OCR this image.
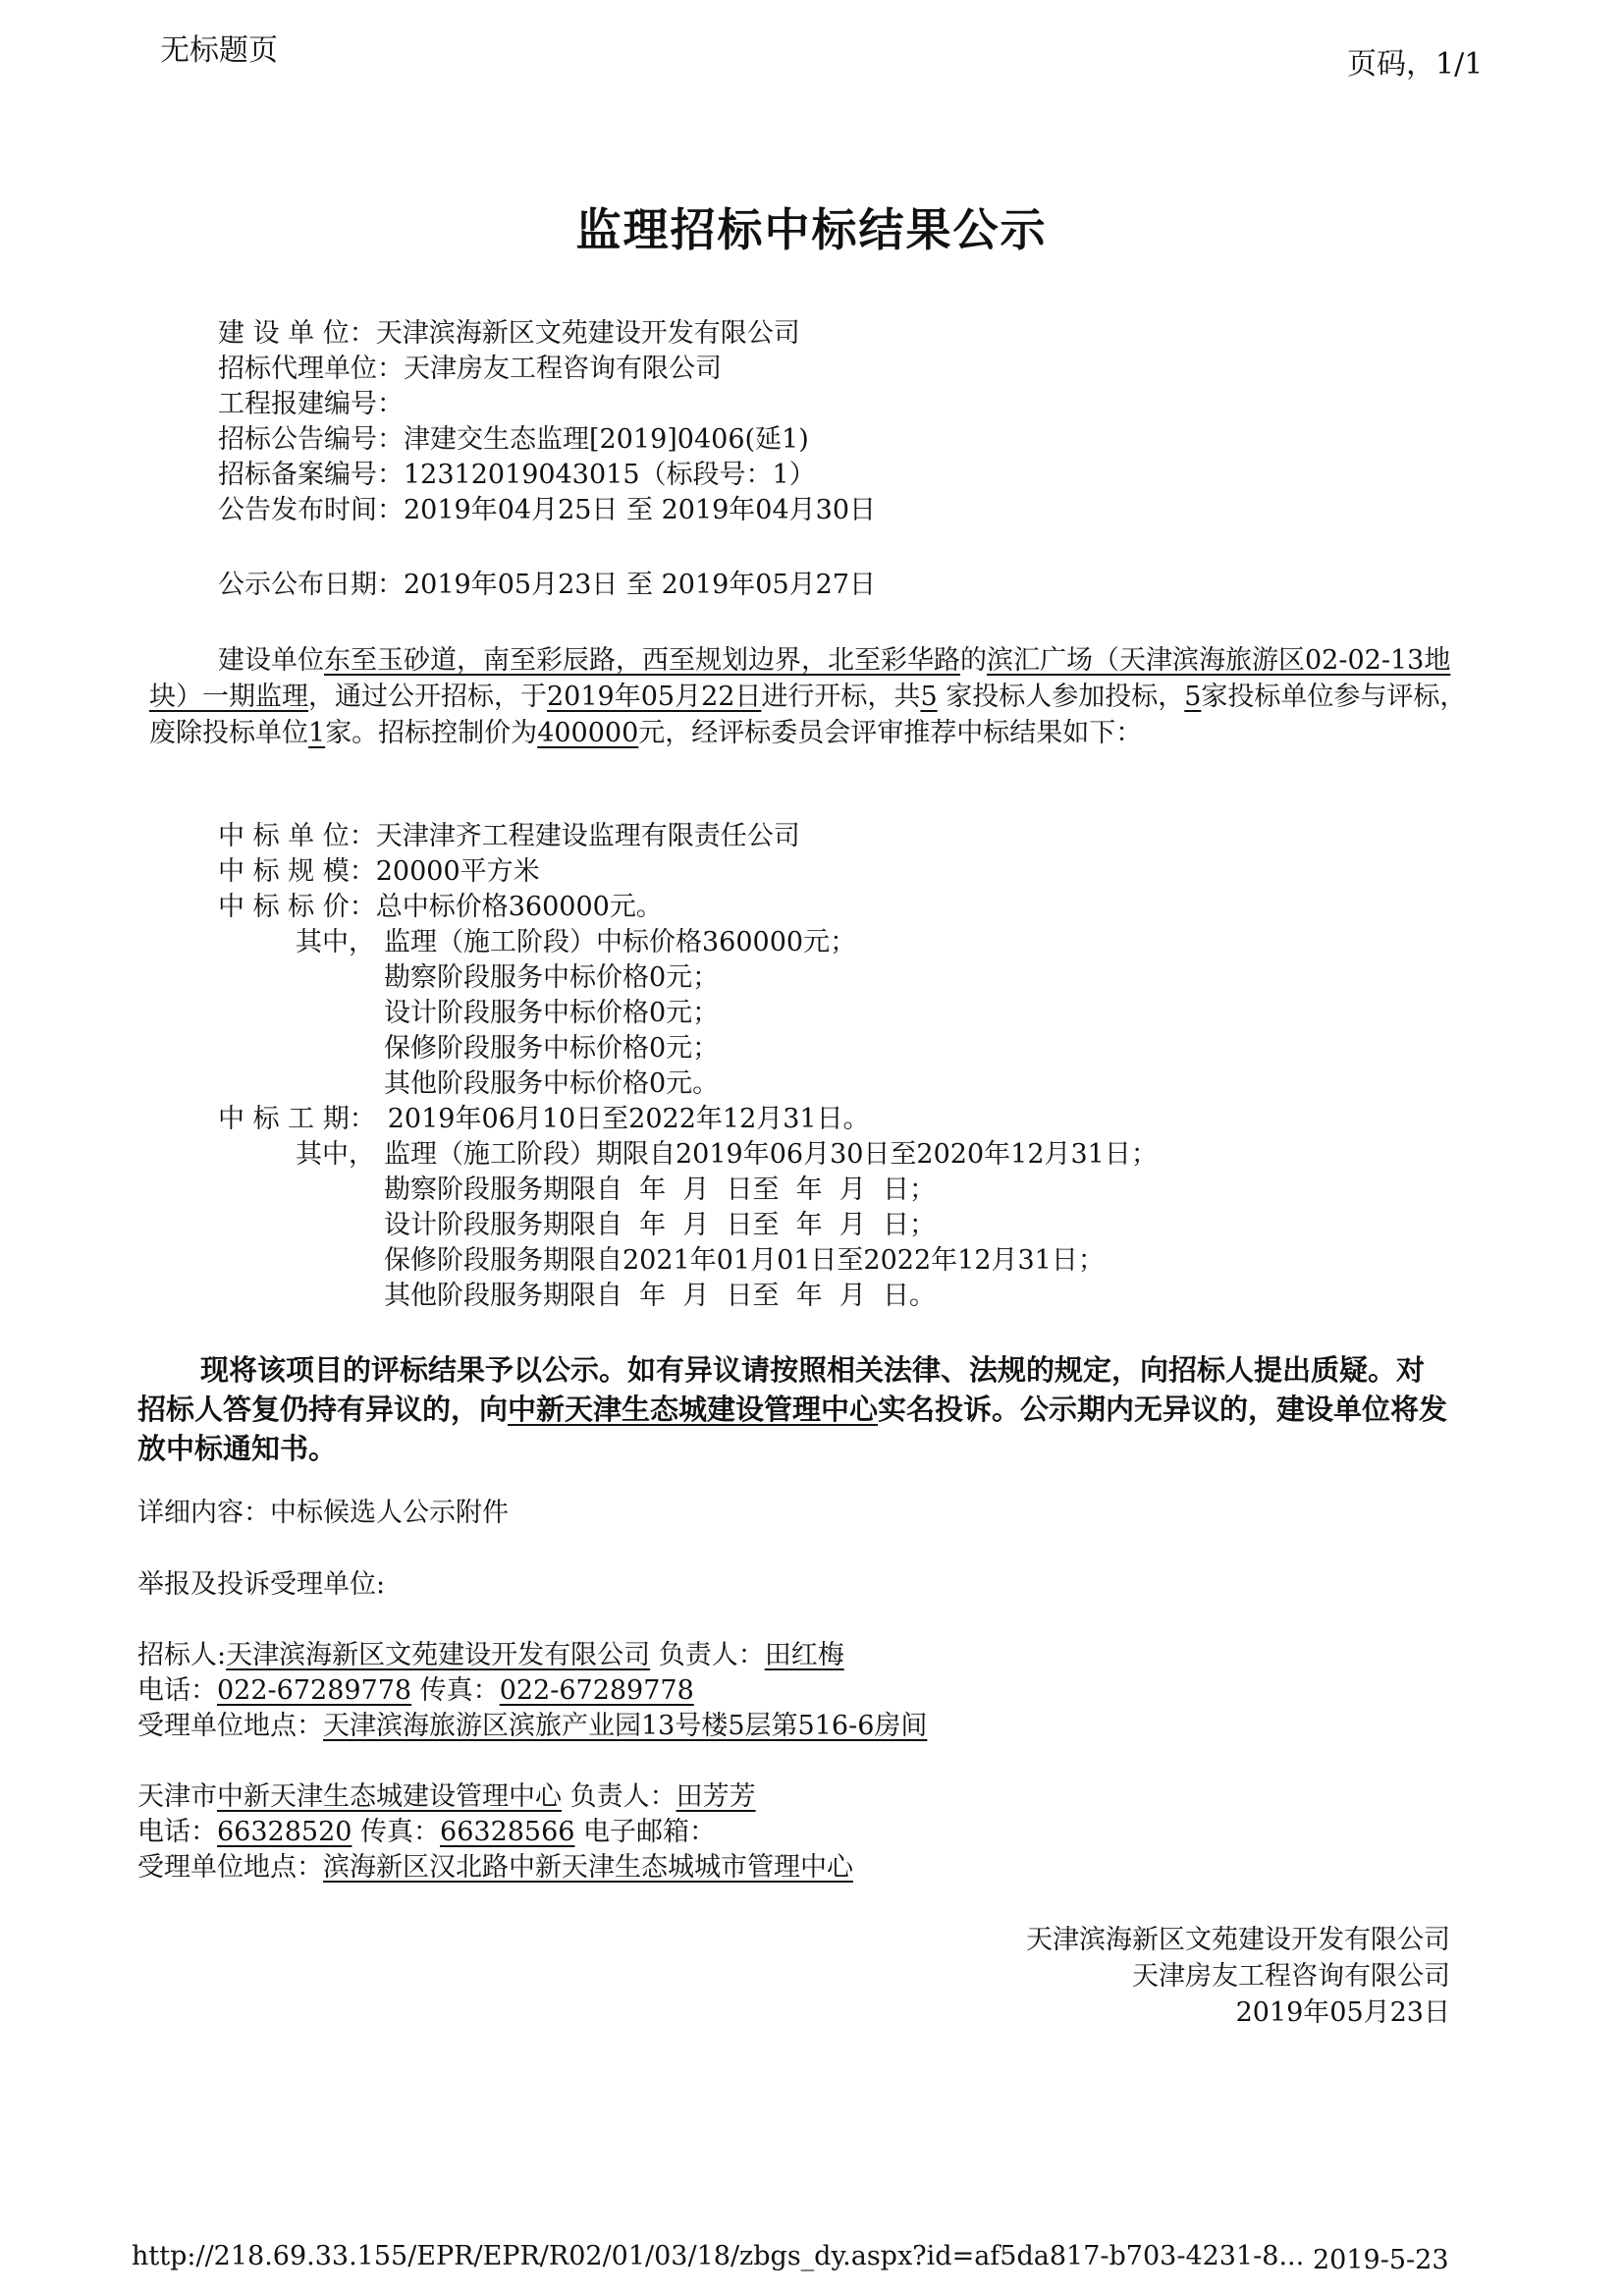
无标题页	页码，1/1
监理招标中标结果公示
建 设 单 位：天津滨海新区文苑建设开发有限公司
招标代理单位：天津房友工程咨询有限公司
工程报建编号：
招标公告编号：津建交生态监理[2019]0406(延1)
招标备案编号：12312019043015（标段号：1）
公告发布时间：2019年04月25日 至 2019年04月30日
公示公布日期：2019年05月23日 至 2019年05月27日
建设单位东至玉砂道，南至彩辰路，西至规划边界，北至彩华路的滨汇广场（天津滨海旅游区02-02-13地块）一期监理，通过公开招标，于2019年05月22日进行开标，共5 家投标人参加投标，5家投标单位参与评标，废除投标单位1家。招标控制价为400000元，经评标委员会评审推荐中标结果如下：
中 标 单 位：天津津齐工程建设监理有限责任公司
中 标 规 模：20000平方米
中 标 标 价：总中标价格360000元。
其中， 监理（施工阶段）中标价格360000元；
勘察阶段服务中标价格0元；
设计阶段服务中标价格0元；
保修阶段服务中标价格0元；
其他阶段服务中标价格0元。
中 标 工 期： 2019年06月10日至2022年12月31日。
其中， 监理（施工阶段）期限自2019年06月30日至2020年12月31日；
勘察阶段服务期限自  年  月  日至  年  月  日；
设计阶段服务期限自  年  月  日至  年  月  日；
保修阶段服务期限自2021年01月01日至2022年12月31日；
其他阶段服务期限自  年  月  日至  年  月  日。
现将该项目的评标结果予以公示。如有异议请按照相关法律、法规的规定，向招标人提出质疑。对招标人答复仍持有异议的，向中新天津生态城建设管理中心实名投诉。公示期内无异议的，建设单位将发放中标通知书。
详细内容：中标候选人公示附件
举报及投诉受理单位:
招标人:天津滨海新区文苑建设开发有限公司 负责人：田红梅
电话：022-67289778 传真：022-67289778
受理单位地点：天津滨海旅游区滨旅产业园13号楼5层第516-6房间
天津市中新天津生态城建设管理中心 负责人：田芳芳
电话：66328520 传真：66328566 电子邮箱：
受理单位地点：滨海新区汉北路中新天津生态城城市管理中心
天津滨海新区文苑建设开发有限公司
天津房友工程咨询有限公司
2019年05月23日
http://218.69.33.155/EPR/EPR/R02/01/03/18/zbgs_dy.aspx?id=af5da817-b703-4231-8... 2019-5-23
